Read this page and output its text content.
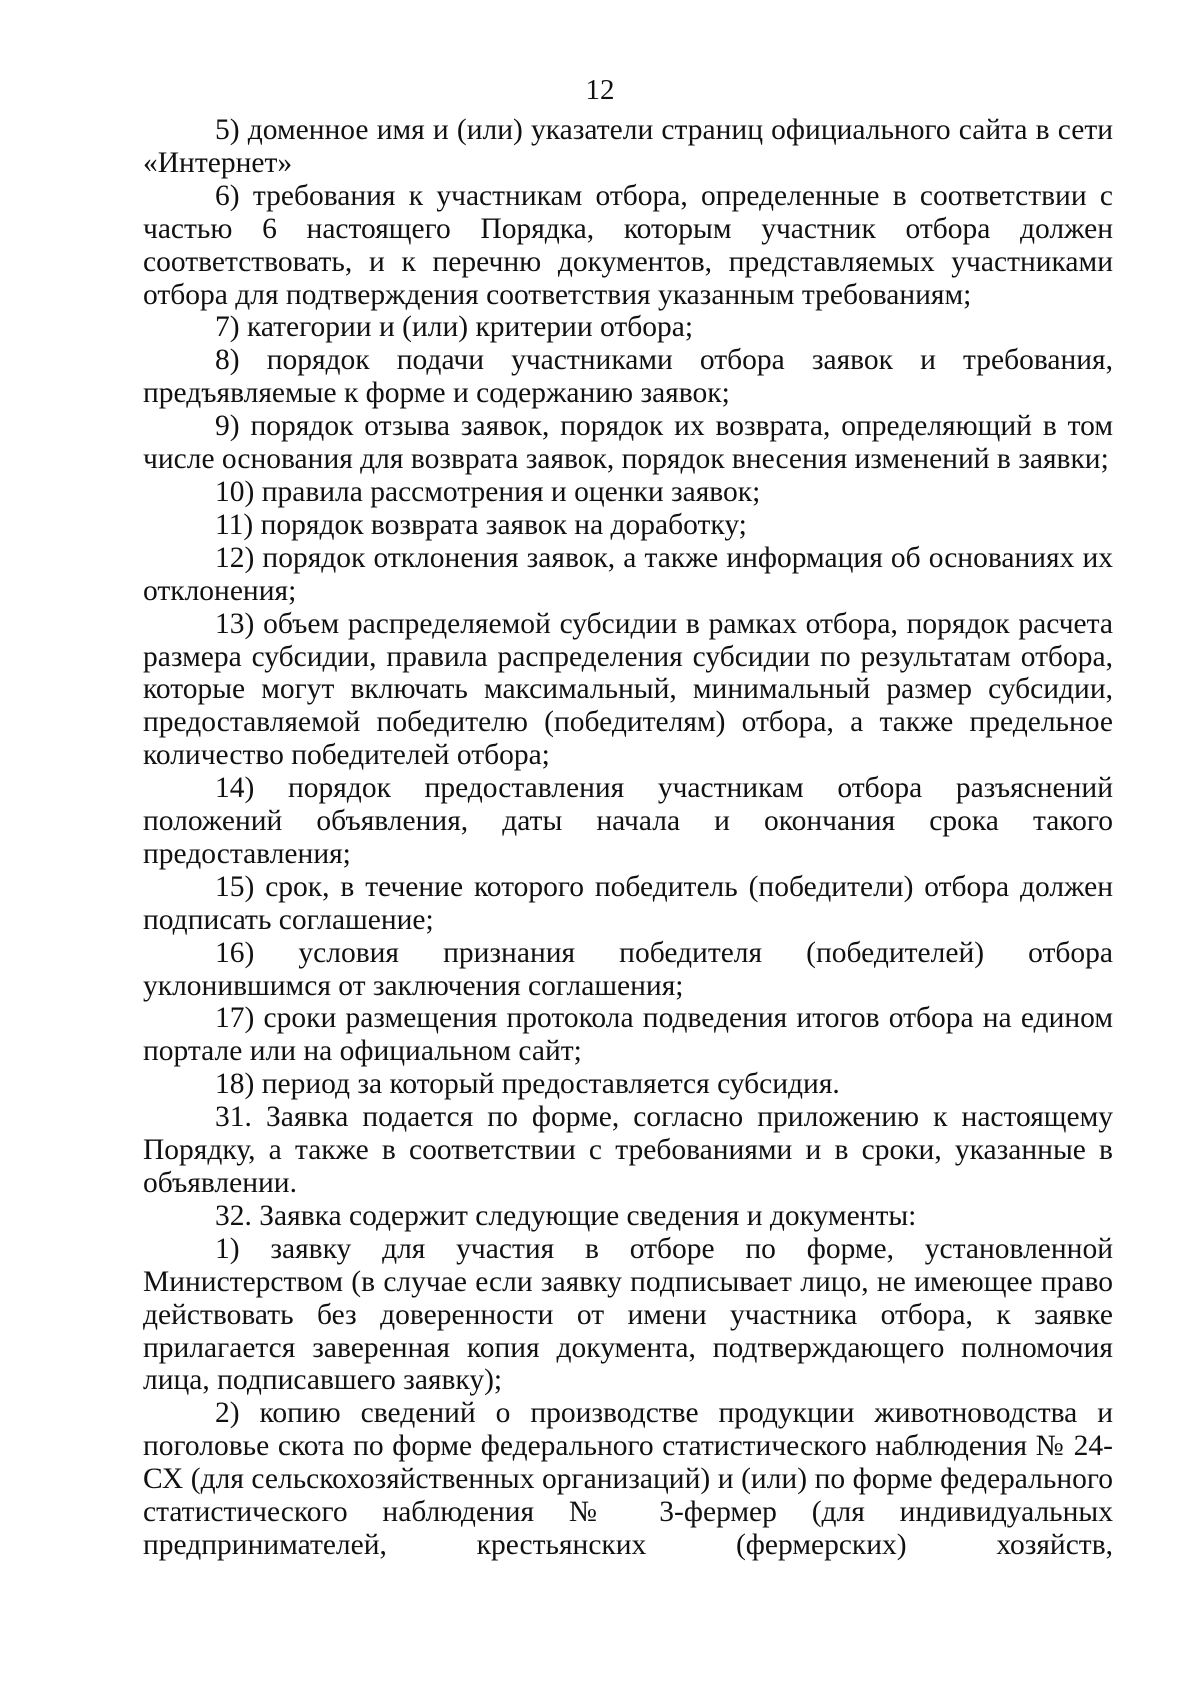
12

5) доменное имя и (или) указатели страниц официального сайта в сети «Интернет»

6) требования к участникам отбора, определенные в соответствии с частью 6 настоящего Порядка, которым участник отбора должен соответствовать, и к перечню документов, представляемых участниками отбора для подтверждения соответствия указанным требованиям;

7) категории и (или) критерии отбора;

8) порядок подачи участниками отбора заявок и требования, предъявляемые к форме и содержанию заявок;

9) порядок отзыва заявок, порядок их возврата, определяющий в том числе основания для возврата заявок, порядок внесения изменений в заявки;

10) правила рассмотрения и оценки заявок;

11) порядок возврата заявок на доработку;

12) порядок отклонения заявок, а также информация об основаниях их отклонения;

13) объем распределяемой субсидии в рамках отбора, порядок расчета размера субсидии, правила распределения субсидии по результатам отбора, которые могут включать максимальный, минимальный размер субсидии, предоставляемой победителю (победителям) отбора, а также предельное количество победителей отбора;

14) порядок предоставления участникам отбора разъяснений положений объявления, даты начала и окончания срока такого предоставления;

15) срок, в течение которого победитель (победители) отбора должен подписать соглашение;

16) условия признания победителя (победителей) отбора уклонившимся от заключения соглашения;

17) сроки размещения протокола подведения итогов отбора на едином портале или на официальном сайт;

18) период за который предоставляется субсидия.

31. Заявка подается по форме, согласно приложению к настоящему Порядку, а также в соответствии с требованиями и в сроки, указанные в объявлении.

32. Заявка содержит следующие сведения и документы:

1) заявку для участия в отборе по форме, установленной Министерством (в случае если заявку подписывает лицо, не имеющее право действовать без доверенности от имени участника отбора, к заявке прилагается заверенная копия документа, подтверждающего полномочия лица, подписавшего заявку);

2) копию сведений о производстве продукции животноводства и поголовье скота по форме федерального статистического наблюдения № 24-СХ (для сельскохозяйственных организаций) и (или) по форме федерального статистического наблюдения № 3-фермер (для индивидуальных предпринимателей, крестьянских (фермерских) хозяйств,
